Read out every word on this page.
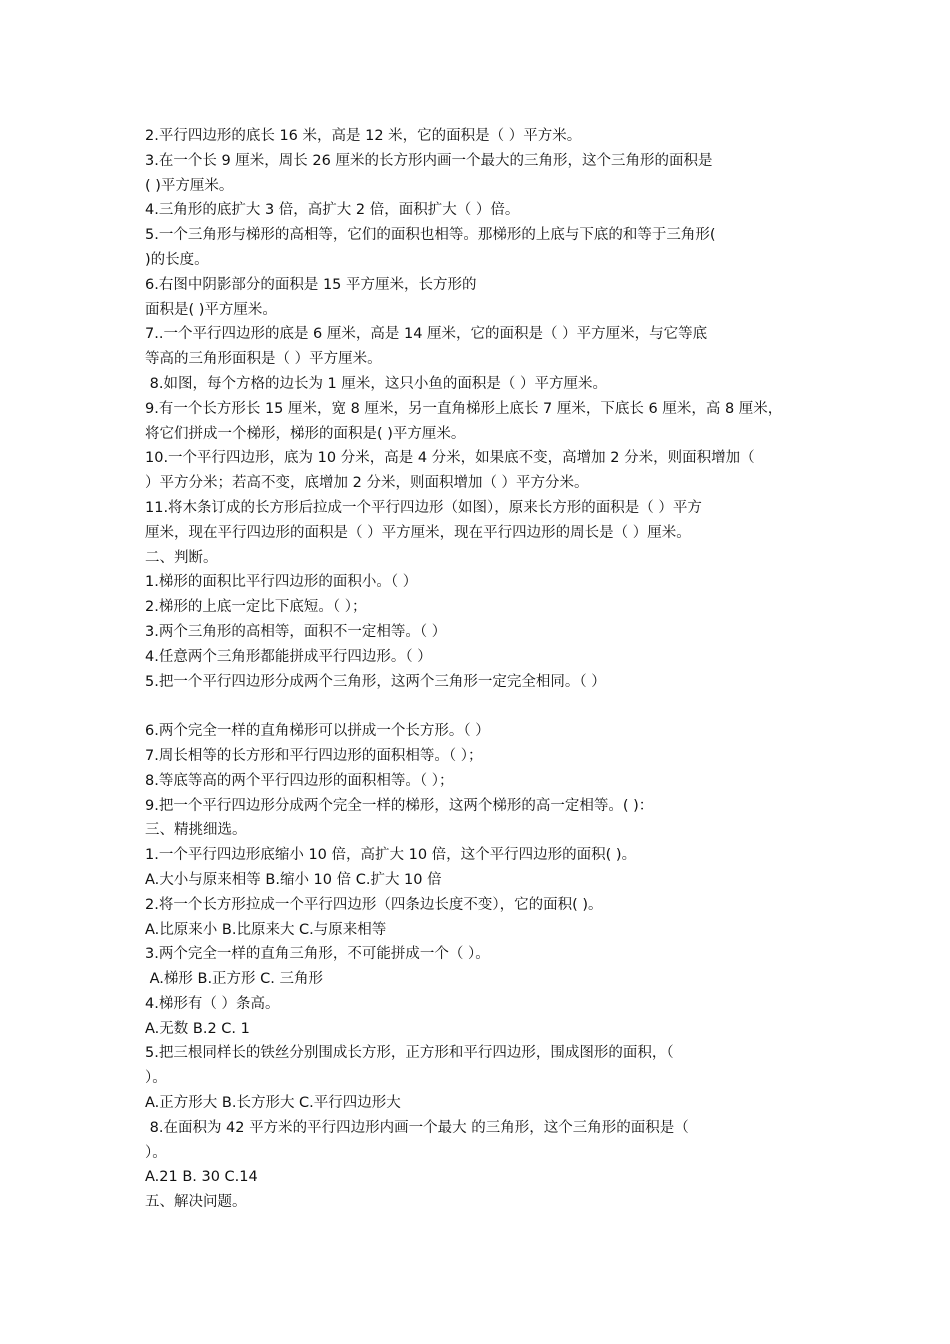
2.平行四边形的底长 16 米，高是 12 米，它的面积是（ ）平方米。
3.在一个长 9 厘米，周长 26 厘米的长方形内画一个最大的三角形，这个三角形的面积是
( )平方厘米。
4.三角形的底扩大 3 倍，高扩大 2 倍，面积扩大（ ）倍。
5.一个三角形与梯形的高相等，它们的面积也相等。那梯形的上底与下底的和等于三角形(
)的长度。
6.右图中阴影部分的面积是 15 平方厘米，长方形的
面积是( )平方厘米。
7..一个平行四边形的底是 6 厘米，高是 14 厘米，它的面积是（ ）平方厘米，与它等底
等高的三角形面积是（ ）平方厘米。
8.如图，每个方格的边长为 1 厘米，这只小鱼的面积是（ ）平方厘米。
9.有一个长方形长 15 厘米，宽 8 厘米，另一直角梯形上底长 7 厘米，下底长 6 厘米，高 8 厘米，
将它们拼成一个梯形，梯形的面积是( )平方厘米。
10.一个平行四边形，底为 10 分米，高是 4 分米，如果底不变，高增加 2 分米，则面积增加（
）平方分米；若高不变，底增加 2 分米，则面积增加（ ）平方分米。
11.将木条订成的长方形后拉成一个平行四边形（如图），原来长方形的面积是（ ）平方
厘米，现在平行四边形的面积是（ ）平方厘米，现在平行四边形的周长是（ ）厘米。
二、判断。
1.梯形的面积比平行四边形的面积小。（ ）
2.梯形的上底一定比下底短。（ ）；
3.两个三角形的高相等，面积不一定相等。（ ）
4.任意两个三角形都能拼成平行四边形。（ ）
5.把一个平行四边形分成两个三角形，这两个三角形一定完全相同。（ ）
6.两个完全一样的直角梯形可以拼成一个长方形。（ ）
7.周长相等的长方形和平行四边形的面积相等。（ ）；
8.等底等高的两个平行四边形的面积相等。（ ）；
9.把一个平行四边形分成两个完全一样的梯形，这两个梯形的高一定相等。( )：
三、精挑细选。
1.一个平行四边形底缩小 10 倍，高扩大 10 倍，这个平行四边形的面积( )。
A.大小与原来相等 B.缩小 10 倍 C.扩大 10 倍
2.将一个长方形拉成一个平行四边形（四条边长度不变），它的面积( )。
A.比原来小 B.比原来大 C.与原来相等
3.两个完全一样的直角三角形，不可能拼成一个（ ）。
A.梯形 B.正方形 C. 三角形
4.梯形有（ ）条高。
A.无数 B.2 C. 1
5.把三根同样长的铁丝分别围成长方形，正方形和平行四边形，围成图形的面积，（
）。
A.正方形大 B.长方形大 C.平行四边形大
8.在面积为 42 平方米的平行四边形内画一个最大 的三角形，这个三角形的面积是（
）。
A.21 B. 30 C.14
五、解决问题。
